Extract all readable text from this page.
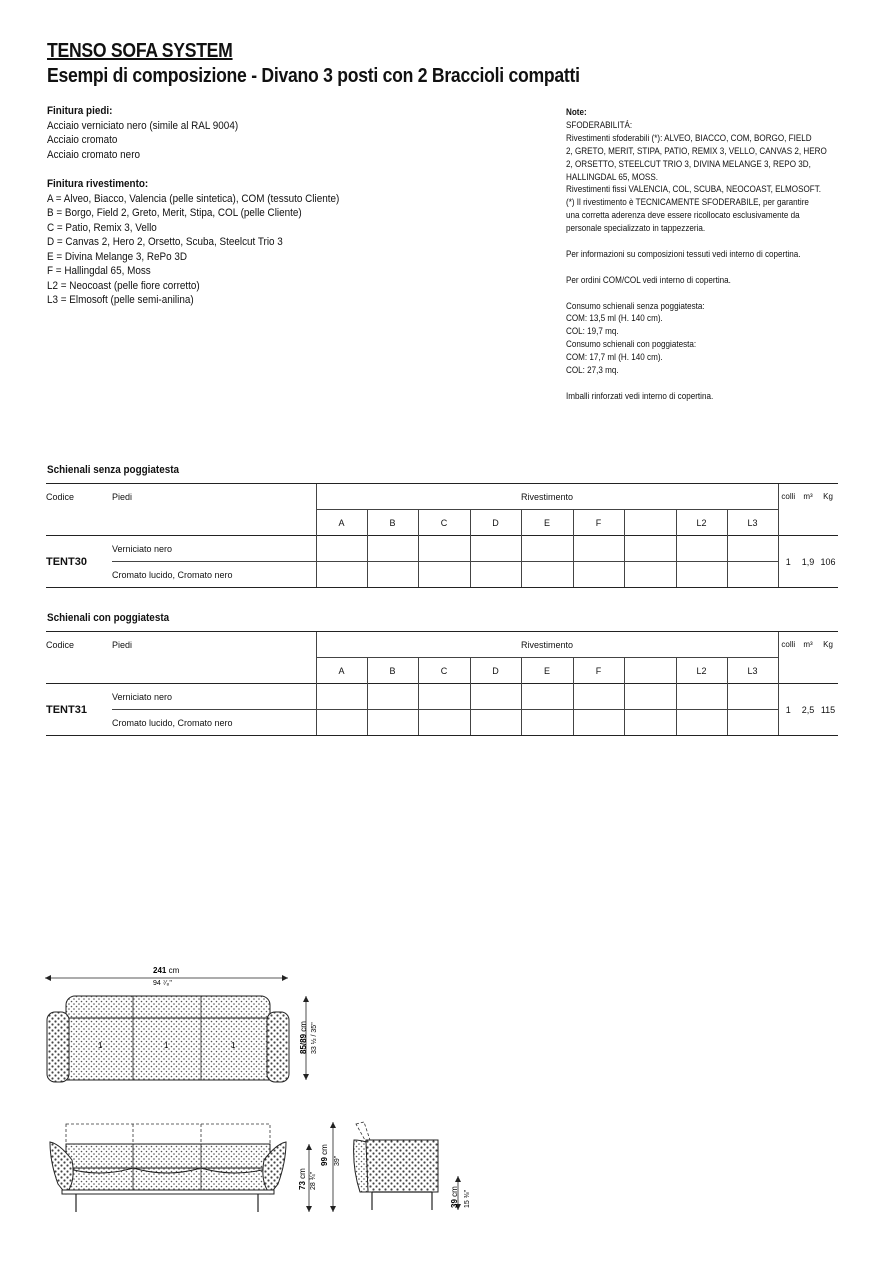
TENSO SOFA SYSTEM
Esempi di composizione - Divano 3 posti con 2 Braccioli compatti
Finitura piedi:
Acciaio verniciato nero (simile al RAL 9004)
Acciaio cromato
Acciaio cromato nero
Finitura rivestimento:
A = Alveo, Biacco, Valencia (pelle sintetica), COM (tessuto Cliente)
B = Borgo, Field 2, Greto, Merit, Stipa, COL (pelle Cliente)
C = Patio, Remix 3, Vello
D = Canvas 2, Hero 2, Orsetto, Scuba, Steelcut Trio 3
E = Divina Melange 3, RePo 3D
F = Hallingdal 65, Moss
L2 = Neocoast (pelle fiore corretto)
L3 = Elmosoft (pelle semi-anilina)
Note:
SFODERABILITÁ:
Rivestimenti sfoderabili (*): ALVEO, BIACCO, COM, BORGO, FIELD
2, GRETO, MERIT, STIPA, PATIO, REMIX 3, VELLO, CANVAS 2, HERO
2, ORSETTO, STEELCUT TRIO 3, DIVINA MELANGE 3, REPO 3D,
HALLINGDAL 65, MOSS.
Rivestimenti fissi VALENCIA, COL, SCUBA, NEOCOAST, ELMOSOFT.
(*) Il rivestimento è TECNICAMENTE SFODERABILE, per garantire
una corretta aderenza deve essere ricollocato esclusivamente da
personale specializzato in tappezzeria.
Per informazioni su composizioni tessuti vedi interno di copertina.
Per ordini COM/COL vedi interno di copertina.
Consumo schienali senza poggiatesta:
COM: 13,5 ml (H. 140 cm).
COL: 19,7 mq.
Consumo schienali con poggiatesta:
COM: 17,7 ml (H. 140 cm).
COL: 27,3 mq.
Imballi rinforzati vedi interno di copertina.
Schienali senza poggiatesta
Codice	Piedi	Rivestimento									colli	m³	Kg
		A	B	C	D	E	F		L2	L3			
TENT30	Verniciato nero										1	1,9	106
	Cromato lucido, Cromato nero												
Schienali con poggiatesta
Codice	Piedi	Rivestimento									colli	m³	Kg
		A	B	C	D	E	F		L2	L3			
TENT31	Verniciato nero										1	2,5	115
	Cromato lucido, Cromato nero												
241 cm
94 ⁷⁄₈"
1	1	1	85/89 cm 33 ½ / 35"
73 cm 28 ¾"
99 cm
39"
39 cm 15 ⅜"
